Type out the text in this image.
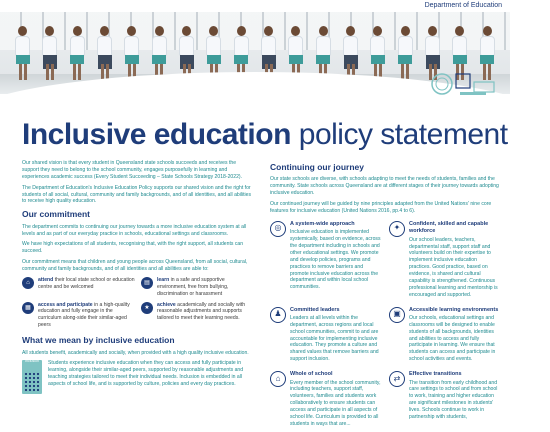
Department of Education
Inclusive education policy statement

Our shared vision is that every student in Queensland state schools succeeds and receives the support they need to belong to the school community, engages purposefully in learning and experiences academic success (Every Student Succeeding – State Schools Strategy 2018-2022).

The Department of Education's Inclusive Education Policy supports our shared vision and the right for students of all social, cultural, community and family backgrounds, and of all identities, and all abilities to receive high quality education.

Our commitment

The department commits to continuing our journey towards a more inclusive education system at all levels and as part of our everyday practice in schools, educational settings and classrooms.

We have high expectations of all students, recognising that, with the right support, all students can succeed.

Our commitment means that children and young people across Queensland, from all social, cultural, community and family backgrounds, and of all identities and all abilities are able to:

⌂	attend their local state school or education centre and be welcomed
▤	learn in a safe and supportive environment, free from bullying, discrimination or harassment
▦	access and participate in a high-quality education and fully engage in the curriculum along-side their similar-aged peers
★	achieve academically and socially with reasonable adjustments and supports tailored to meet their learning needs.
What we mean by inclusive education

All students benefit, academically and socially, when provided with a high quality inclusive education.

Inclusion	Students experience inclusive education when they can access and fully participate in learning, alongside their similar-aged peers, supported by reasonable adjustments and teaching strategies tailored to meet their individual needs. Inclusion is embedded in all aspects of school life, and is supported by culture, policies and every day practices.

Continuing our journey

Our state schools are diverse, with schools adapting to meet the needs of students, families and the community. State schools across Queensland are at different stages of their journey towards adopting inclusive education.

Our continued journey will be guided by nine principles adapted from the United Nations' nine core features for inclusive education (United Nations 2016, pp.4 to 6).

◎	A system-wide approach

Inclusive education is implemented systemically, based on evidence, across the department including in schools and other educational settings. We promote and develop policies, programs and practices to remove barriers and promote inclusive education across the department and within local school communities.

✦	Confident, skilled and capable workforce

Our school leaders, teachers, departmental staff, support staff and volunteers build on their expertise to implement inclusive education practices. Good practice, based on evidence, is shared and cultural capability is strengthened. Continuous professional learning and mentorship is encouraged and supported.

♟	Committed leaders

Leaders at all levels within the department, across regions and local school communities, commit to and are accountable for implementing inclusive education. They promote a culture and shared values that remove barriers and support inclusion.

▣	Accessible learning environments

Our schools, educational settings and classrooms will be designed to enable students of all backgrounds, identities and abilities to access and fully participate in learning. We ensure that students can access and participate in school activities and events.

⌂	Whole of school

Every member of the school community, including teachers, support staff, volunteers, families and students work collaboratively to ensure students can access and participate in all aspects of school life. Curriculum is provided to all students in ways that are...

⇄	Effective transitions

The transition from early childhood and care settings to school and from school to work, training and higher education are significant milestones in students' lives. Schools continue to work in partnership with students,
